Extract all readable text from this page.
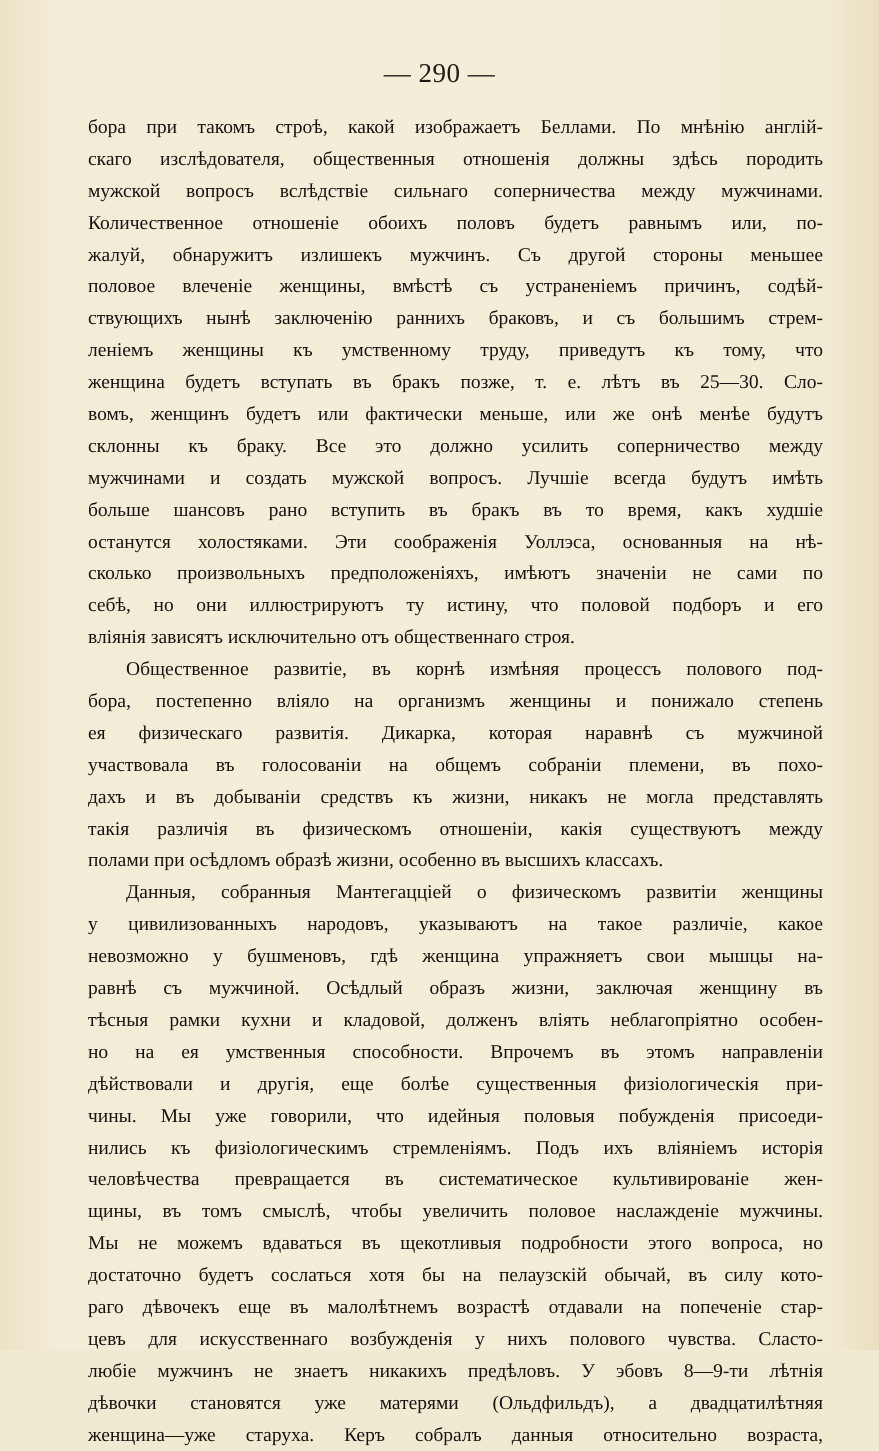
— 290 —
бора при такомъ строѣ, какой изображаетъ Беллами. По мнѣнію англій-
скаго изслѣдователя, общественныя отношенія должны здѣсь породить
мужской вопросъ вслѣдствіе сильнаго соперничества между мужчинами.
Количественное отношеніе обоихъ половъ будетъ равнымъ или, по-
жалуй, обнаружитъ излишекъ мужчинъ. Съ другой стороны меньшее
половое влеченіе женщины, вмѣстѣ съ устраненіемъ причинъ, содѣй-
ствующихъ нынѣ заключенію раннихъ браковъ, и съ большимъ стрем-
леніемъ женщины къ умственному труду, приведутъ къ тому, что
женщина будетъ вступать въ бракъ позже, т. е. лѣтъ въ 25—30. Сло-
вомъ, женщинъ будетъ или фактически меньше, или же онѣ менѣе будутъ
склонны къ браку. Все это должно усилить соперничество между
мужчинами и создать мужской вопросъ. Лучшіе всегда будутъ имѣть
больше шансовъ рано вступить въ бракъ въ то время, какъ худшіе
останутся холостяками. Эти соображенія Уоллэса, основанныя на нѣ-
сколько произвольныхъ предположеніяхъ, имѣютъ значеніи не сами по
себѣ, но они иллюстрируютъ ту истину, что половой подборъ и его
вліянія зависятъ исключительно отъ общественнаго строя.
Общественное развитіе, въ корнѣ измѣняя процессъ полового под-
бора, постепенно вліяло на организмъ женщины и понижало степень
ея физическаго развитія. Дикарка, которая наравнѣ съ мужчиной
участвовала въ голосованіи на общемъ собраніи племени, въ похо-
дахъ и въ добываніи средствъ къ жизни, никакъ не могла представлять
такія различія въ физическомъ отношеніи, какія существуютъ между
полами при осѣдломъ образѣ жизни, особенно въ высшихъ классахъ.
Данныя, собранныя Мантегацціей о физическомъ развитіи женщины
у цивилизованныхъ народовъ, указываютъ на такое различіе, какое
невозможно у бушменовъ, гдѣ женщина упражняетъ свои мышцы на-
равнѣ съ мужчиной. Осѣдлый образъ жизни, заключая женщину въ
тѣсныя рамки кухни и кладовой, долженъ вліять неблагопріятно особен-
но на ея умственныя способности. Впрочемъ въ этомъ направленіи
дѣйствовали и другія, еще болѣе существенныя физіологическія при-
чины. Мы уже говорили, что идейныя половыя побужденія присоеди-
нились къ физіологическимъ стремленіямъ. Подъ ихъ вліяніемъ исторія
человѣчества превращается въ систематическое культивированіе жен-
щины, въ томъ смыслѣ, чтобы увеличить половое наслажденіе мужчины.
Мы не можемъ вдаваться въ щекотливыя подробности этого вопроса, но
достаточно будетъ сослаться хотя бы на пелаузскій обычай, въ силу кото-
раго дѣвочекъ еще въ малолѣтнемъ возрастѣ отдавали на попеченіе стар-
цевъ для искусственнаго возбужденія у нихъ полового чувства. Сласто-
любіе мужчинъ не знаетъ никакихъ предѣловъ. У эбовъ 8—9-ти лѣтнія
дѣвочки становятся уже матерями (Ольдфильдъ), а двадцатилѣтняя
женщина—уже старуха. Керъ собралъ данныя относительно возраста,
